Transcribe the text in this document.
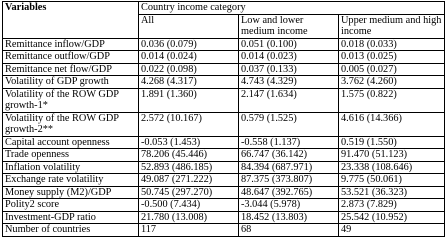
Variables	Country income category		
	All	Low and lower medium income	Upper medium and high income
Remittance inflow/GDP	0.036 (0.079)	0.051 (0.100)	0.018 (0.033)
Remittance outflow/GDP	0.014 (0.024)	0.014 (0.023)	0.013 (0.025)
Remittance net flow/GDP	0.022 (0.098)	0.037 (0.133)	0.005 (0.027)
Volatility of GDP growth	4.268 (4.317)	4.743 (4.329)	3.762 (4.260)
Volatility of the ROW GDP growth-1*	1.891 (1.360)	2.147 (1.634)	1.575 (0.822)
Volatility of the ROW GDP growth-2**	2.572 (10.167)	0.579 (1.525)	4.616 (14.366)
Capital account openness	-0.053 (1.453)	-0.558 (1.137)	0.519 (1.550)
Trade openness	78.206 (45.446)	66.747 (36.142)	91.470 (51.123)
Inflation volatility	52.893 (486.185)	84.394 (687.971)	23.338 (108.646)
Exchange rate volatility	49.087 (271.222)	87.375 (373.807)	9.775 (50.061)
Money supply (M2)/GDP	50.745 (297.270)	48.647 (392.765)	53.521 (36.323)
Polity2 score	-0.500 (7.434)	-3.044 (5.978)	2.873 (7.829)
Investment-GDP ratio	21.780 (13.008)	18.452 (13.803)	25.542 (10.952)
Number of countries	117	68	49
